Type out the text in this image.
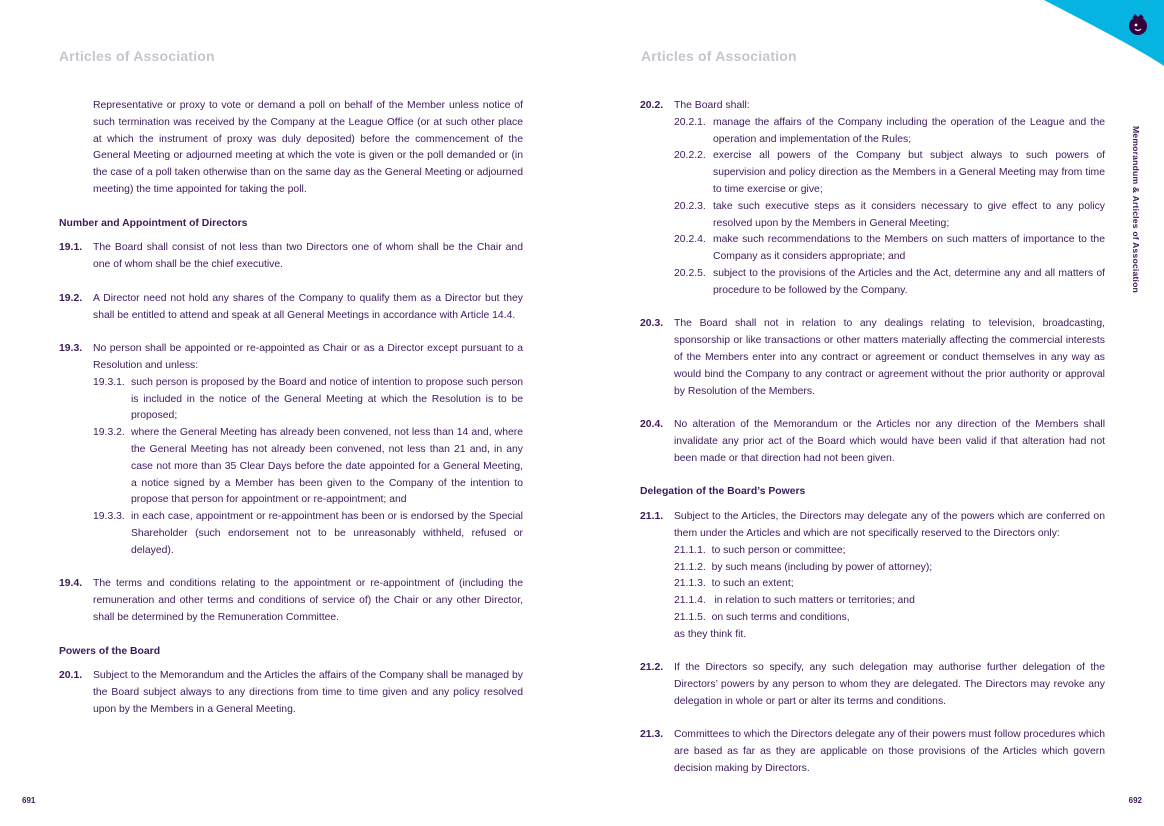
Articles of Association

Representative or proxy to vote or demand a poll on behalf of the Member unless notice of such termination was received by the Company at the League Office (or at such other place at which the instrument of proxy was duly deposited) before the commencement of the General Meeting or adjourned meeting at which the vote is given or the poll demanded or (in the case of a poll taken otherwise than on the same day as the General Meeting or adjourned meeting) the time appointed for taking the poll.

Number and Appointment of Directors

19.1. The Board shall consist of not less than two Directors one of whom shall be the Chair and one of whom shall be the chief executive.

19.2. A Director need not hold any shares of the Company to qualify them as a Director but they shall be entitled to attend and speak at all General Meetings in accordance with Article 14.4.

19.3. No person shall be appointed or re-appointed as Chair or as a Director except pursuant to a Resolution and unless:

19.3.1. such person is proposed by the Board and notice of intention to propose such person is included in the notice of the General Meeting at which the Resolution is to be proposed;

19.3.2. where the General Meeting has already been convened, not less than 14 and, where the General Meeting has not already been convened, not less than 21 and, in any case not more than 35 Clear Days before the date appointed for a General Meeting, a notice signed by a Member has been given to the Company of the intention to propose that person for appointment or re-appointment; and

19.3.3. in each case, appointment or re-appointment has been or is endorsed by the Special Shareholder (such endorsement not to be unreasonably withheld, refused or delayed).

19.4. The terms and conditions relating to the appointment or re-appointment of (including the remuneration and other terms and conditions of service of) the Chair or any other Director, shall be determined by the Remuneration Committee.

Powers of the Board

20.1. Subject to the Memorandum and the Articles the affairs of the Company shall be managed by the Board subject always to any directions from time to time given and any policy resolved upon by the Members in a General Meeting.

691
Articles of Association

20.2. The Board shall:

20.2.1. manage the affairs of the Company including the operation of the League and the operation and implementation of the Rules;

20.2.2. exercise all powers of the Company but subject always to such powers of supervision and policy direction as the Members in a General Meeting may from time to time exercise or give;

20.2.3. take such executive steps as it considers necessary to give effect to any policy resolved upon by the Members in General Meeting;

20.2.4. make such recommendations to the Members on such matters of importance to the Company as it considers appropriate; and

20.2.5. subject to the provisions of the Articles and the Act, determine any and all matters of procedure to be followed by the Company.

20.3. The Board shall not in relation to any dealings relating to television, broadcasting, sponsorship or like transactions or other matters materially affecting the commercial interests of the Members enter into any contract or agreement or conduct themselves in any way as would bind the Company to any contract or agreement without the prior authority or approval by Resolution of the Members.

20.4. No alteration of the Memorandum or the Articles nor any direction of the Members shall invalidate any prior act of the Board which would have been valid if that alteration had not been made or that direction had not been given.

Delegation of the Board’s Powers

21.1. Subject to the Articles, the Directors may delegate any of the powers which are conferred on them under the Articles and which are not specifically reserved to the Directors only:

21.1.1. to such person or committee;

21.1.2. by such means (including by power of attorney);

21.1.3. to such an extent;

21.1.4. in relation to such matters or territories; and

21.1.5. on such terms and conditions,

as they think fit.

21.2. If the Directors so specify, any such delegation may authorise further delegation of the Directors’ powers by any person to whom they are delegated. The Directors may revoke any delegation in whole or part or alter its terms and conditions.

21.3. Committees to which the Directors delegate any of their powers must follow procedures which are based as far as they are applicable on those provisions of the Articles which govern decision making by Directors.

692
Memorandum & Articles of Association
